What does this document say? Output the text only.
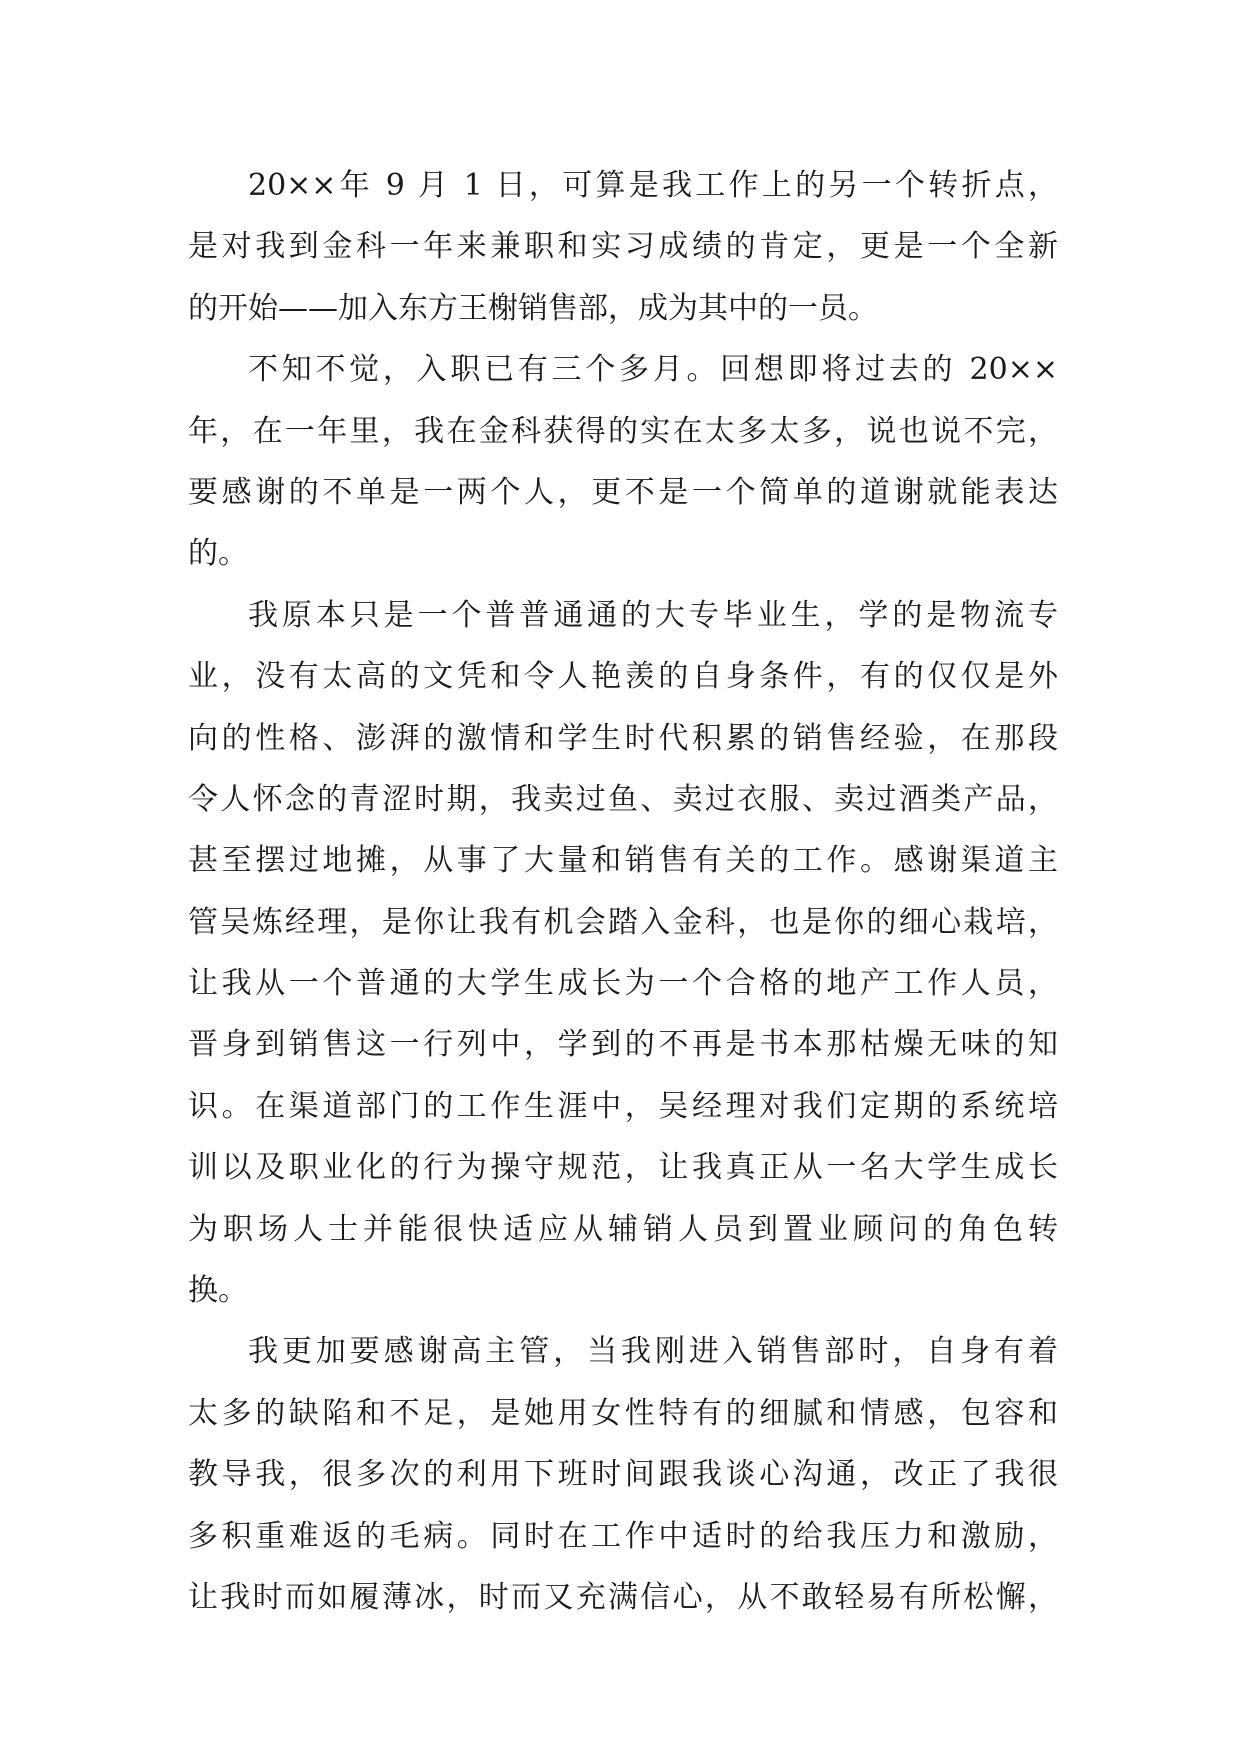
20××年 9 月 1 日，可算是我工作上的另一个转折点，
是对我到金科一年来兼职和实习成绩的肯定，更是一个全新
的开始——加入东方王榭销售部，成为其中的一员。
不知不觉，入职已有三个多月。回想即将过去的 20××
年，在一年里，我在金科获得的实在太多太多，说也说不完，
要感谢的不单是一两个人，更不是一个简单的道谢就能表达
的。
我原本只是一个普普通通的大专毕业生，学的是物流专
业，没有太高的文凭和令人艳羡的自身条件，有的仅仅是外
向的性格、澎湃的激情和学生时代积累的销售经验，在那段
令人怀念的青涩时期，我卖过鱼、卖过衣服、卖过酒类产品，
甚至摆过地摊，从事了大量和销售有关的工作。感谢渠道主
管吴炼经理，是你让我有机会踏入金科，也是你的细心栽培，
让我从一个普通的大学生成长为一个合格的地产工作人员，
晋身到销售这一行列中，学到的不再是书本那枯燥无味的知
识。在渠道部门的工作生涯中，吴经理对我们定期的系统培
训以及职业化的行为操守规范，让我真正从一名大学生成长
为职场人士并能很快适应从辅销人员到置业顾问的角色转
换。
我更加要感谢高主管，当我刚进入销售部时，自身有着
太多的缺陷和不足，是她用女性特有的细腻和情感，包容和
教导我，很多次的利用下班时间跟我谈心沟通，改正了我很
多积重难返的毛病。同时在工作中适时的给我压力和激励，
让我时而如履薄冰，时而又充满信心，从不敢轻易有所松懈，
